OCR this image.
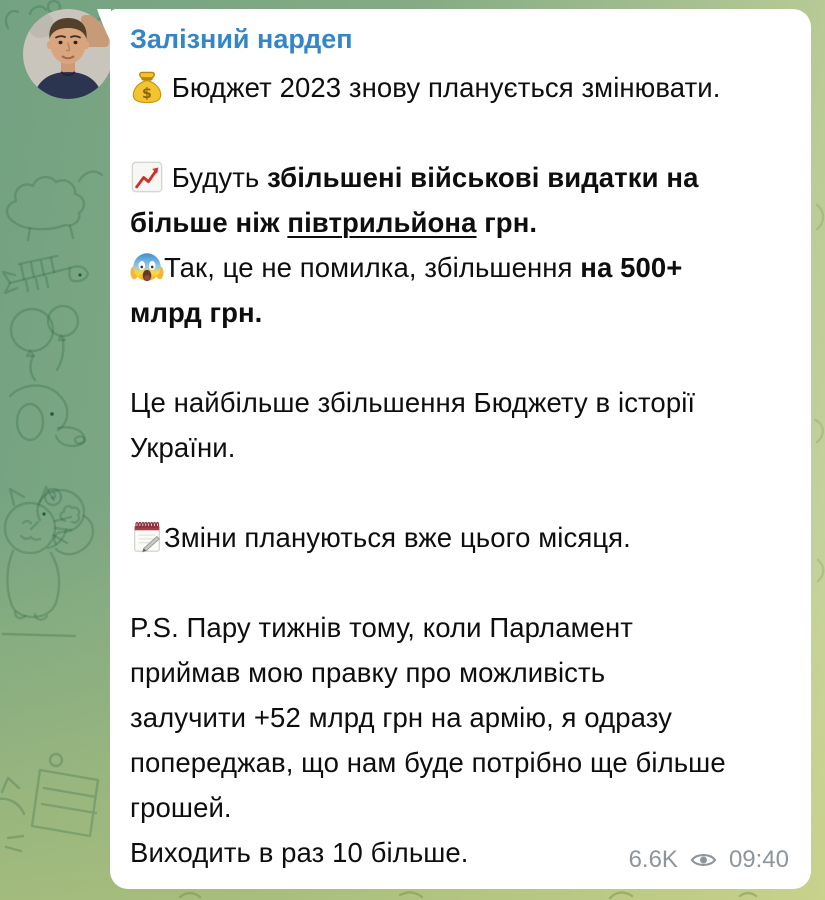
Залізний нардеп

$ Бюджет 2023 знову планується змінювати.

Будуть збільшені військові видатки на
більше ніж півтрильйона грн.
Так, це не помилка, збільшення на 500+
млрд грн.

Це найбільше збільшення Бюджету в історії
України.

Зміни плануються вже цього місяця.

P.S. Пару тижнів тому, коли Парламент
приймав мою правку про можливість
залучити +52 млрд грн на армію, я одразу
попереджав, що нам буде потрібно ще більше
грошей.
Виходить в раз 10 більше.	6.6K 09:40
